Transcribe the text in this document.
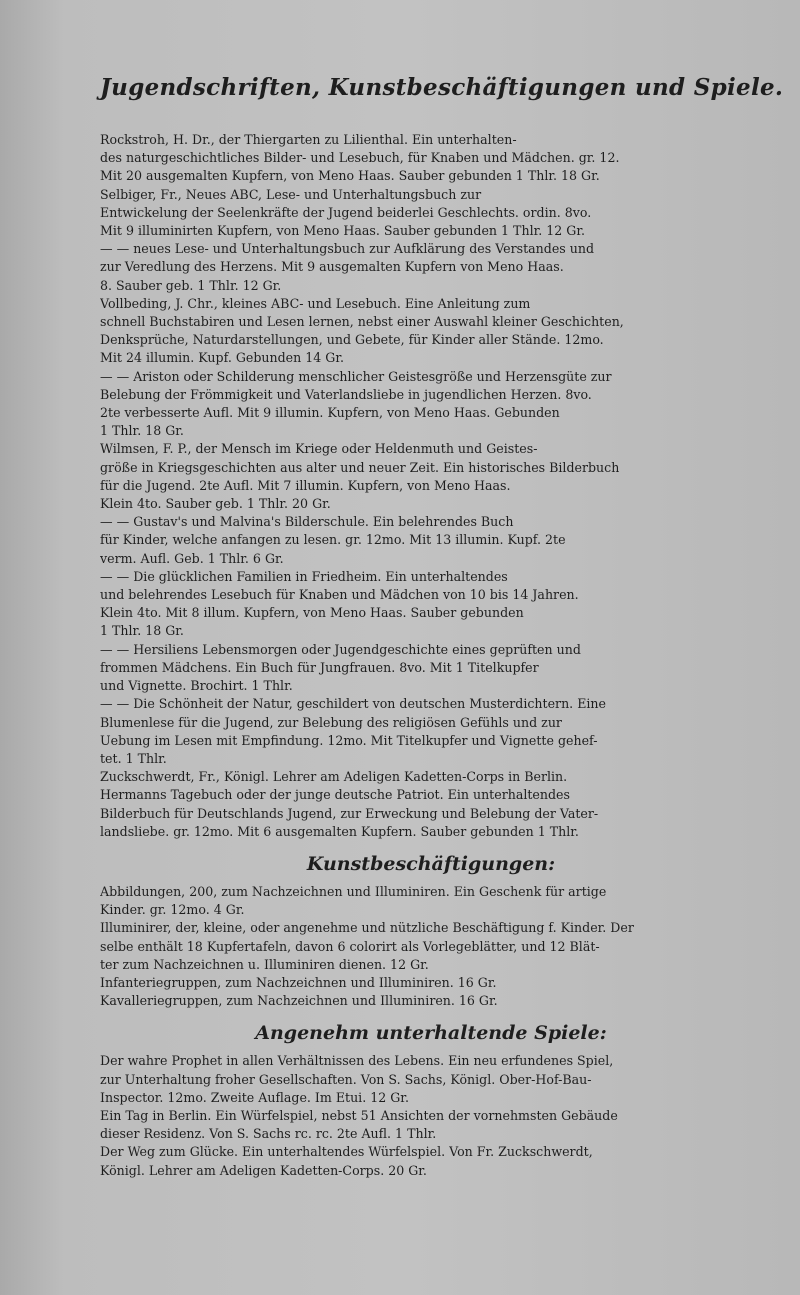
Jugendschriften, Kunstbeschäftigungen und Spiele.
Rockstroh, H. Dr., der Thiergarten zu Lilienthal. Ein unterhalten-
des naturgeschichtliches Bilder- und Lesebuch, für Knaben und Mädchen. gr. 12.
Mit 20 ausgemalten Kupfern, von Meno Haas. Sauber gebunden 1 Thlr. 18 Gr.
Selbiger, Fr., Neues ABC, Lese- und Unterhaltungsbuch zur
Entwickelung der Seelenkräfte der Jugend beiderlei Geschlechts. ordin. 8vo.
Mit 9 illuminirten Kupfern, von Meno Haas. Sauber gebunden 1 Thlr. 12 Gr.
— — neues Lese- und Unterhaltungsbuch zur Aufklärung des Verstandes und
zur Veredlung des Herzens. Mit 9 ausgemalten Kupfern von Meno Haas.
8. Sauber geb. 1 Thlr. 12 Gr.
Vollbeding, J. Chr., kleines ABC- und Lesebuch. Eine Anleitung zum
schnell Buchstabiren und Lesen lernen, nebst einer Auswahl kleiner Geschichten,
Denksprüche, Naturdarstellungen, und Gebete, für Kinder aller Stände. 12mo.
Mit 24 illumin. Kupf. Gebunden 14 Gr.
— — Ariston oder Schilderung menschlicher Geistesgröße und Herzensgüte zur
Belebung der Frömmigkeit und Vaterlandsliebe in jugendlichen Herzen. 8vo.
2te verbesserte Aufl. Mit 9 illumin. Kupfern, von Meno Haas. Gebunden
1 Thlr. 18 Gr.
Wilmsen, F. P., der Mensch im Kriege oder Heldenmuth und Geistes-
größe in Kriegsgeschichten aus alter und neuer Zeit. Ein historisches Bilderbuch
für die Jugend. 2te Aufl. Mit 7 illumin. Kupfern, von Meno Haas.
Klein 4to. Sauber geb. 1 Thlr. 20 Gr.
— — Gustav's und Malvina's Bilderschule. Ein belehrendes Buch
für Kinder, welche anfangen zu lesen. gr. 12mo. Mit 13 illumin. Kupf. 2te
verm. Aufl. Geb. 1 Thlr. 6 Gr.
— — Die glücklichen Familien in Friedheim. Ein unterhaltendes
und belehrendes Lesebuch für Knaben und Mädchen von 10 bis 14 Jahren.
Klein 4to. Mit 8 illum. Kupfern, von Meno Haas. Sauber gebunden
1 Thlr. 18 Gr.
— — Hersiliens Lebensmorgen oder Jugendgeschichte eines geprüften und
frommen Mädchens. Ein Buch für Jungfrauen. 8vo. Mit 1 Titelkupfer
und Vignette. Brochirt. 1 Thlr.
— — Die Schönheit der Natur, geschildert von deutschen Musterdichtern. Eine
Blumenlese für die Jugend, zur Belebung des religiösen Gefühls und zur
Uebung im Lesen mit Empfindung. 12mo. Mit Titelkupfer und Vignette gehef-
tet. 1 Thlr.
Zuckschwerdt, Fr., Königl. Lehrer am Adeligen Kadetten-Corps in Berlin.
Hermanns Tagebuch oder der junge deutsche Patriot. Ein unterhaltendes
Bilderbuch für Deutschlands Jugend, zur Erweckung und Belebung der Vater-
landsliebe. gr. 12mo. Mit 6 ausgemalten Kupfern. Sauber gebunden 1 Thlr.
Kunstbeschäftigungen:
Abbildungen, 200, zum Nachzeichnen und Illuminiren. Ein Geschenk für artige
Kinder. gr. 12mo. 4 Gr.
Illuminirer, der, kleine, oder angenehme und nützliche Beschäftigung f. Kinder. Der
selbe enthält 18 Kupfertafeln, davon 6 colorirt als Vorlegeblätter, und 12 Blät-
ter zum Nachzeichnen u. Illuminiren dienen. 12 Gr.
Infanteriegruppen, zum Nachzeichnen und Illuminiren. 16 Gr.
Kavalleriegruppen, zum Nachzeichnen und Illuminiren. 16 Gr.
Angenehm unterhaltende Spiele:
Der wahre Prophet in allen Verhältnissen des Lebens. Ein neu erfundenes Spiel,
zur Unterhaltung froher Gesellschaften. Von S. Sachs, Königl. Ober-Hof-Bau-
Inspector. 12mo. Zweite Auflage. Im Etui. 12 Gr.
Ein Tag in Berlin. Ein Würfelspiel, nebst 51 Ansichten der vornehmsten Gebäude
dieser Residenz. Von S. Sachs rc. rc. 2te Aufl. 1 Thlr.
Der Weg zum Glücke. Ein unterhaltendes Würfelspiel. Von Fr. Zuckschwerdt,
Königl. Lehrer am Adeligen Kadetten-Corps. 20 Gr.
